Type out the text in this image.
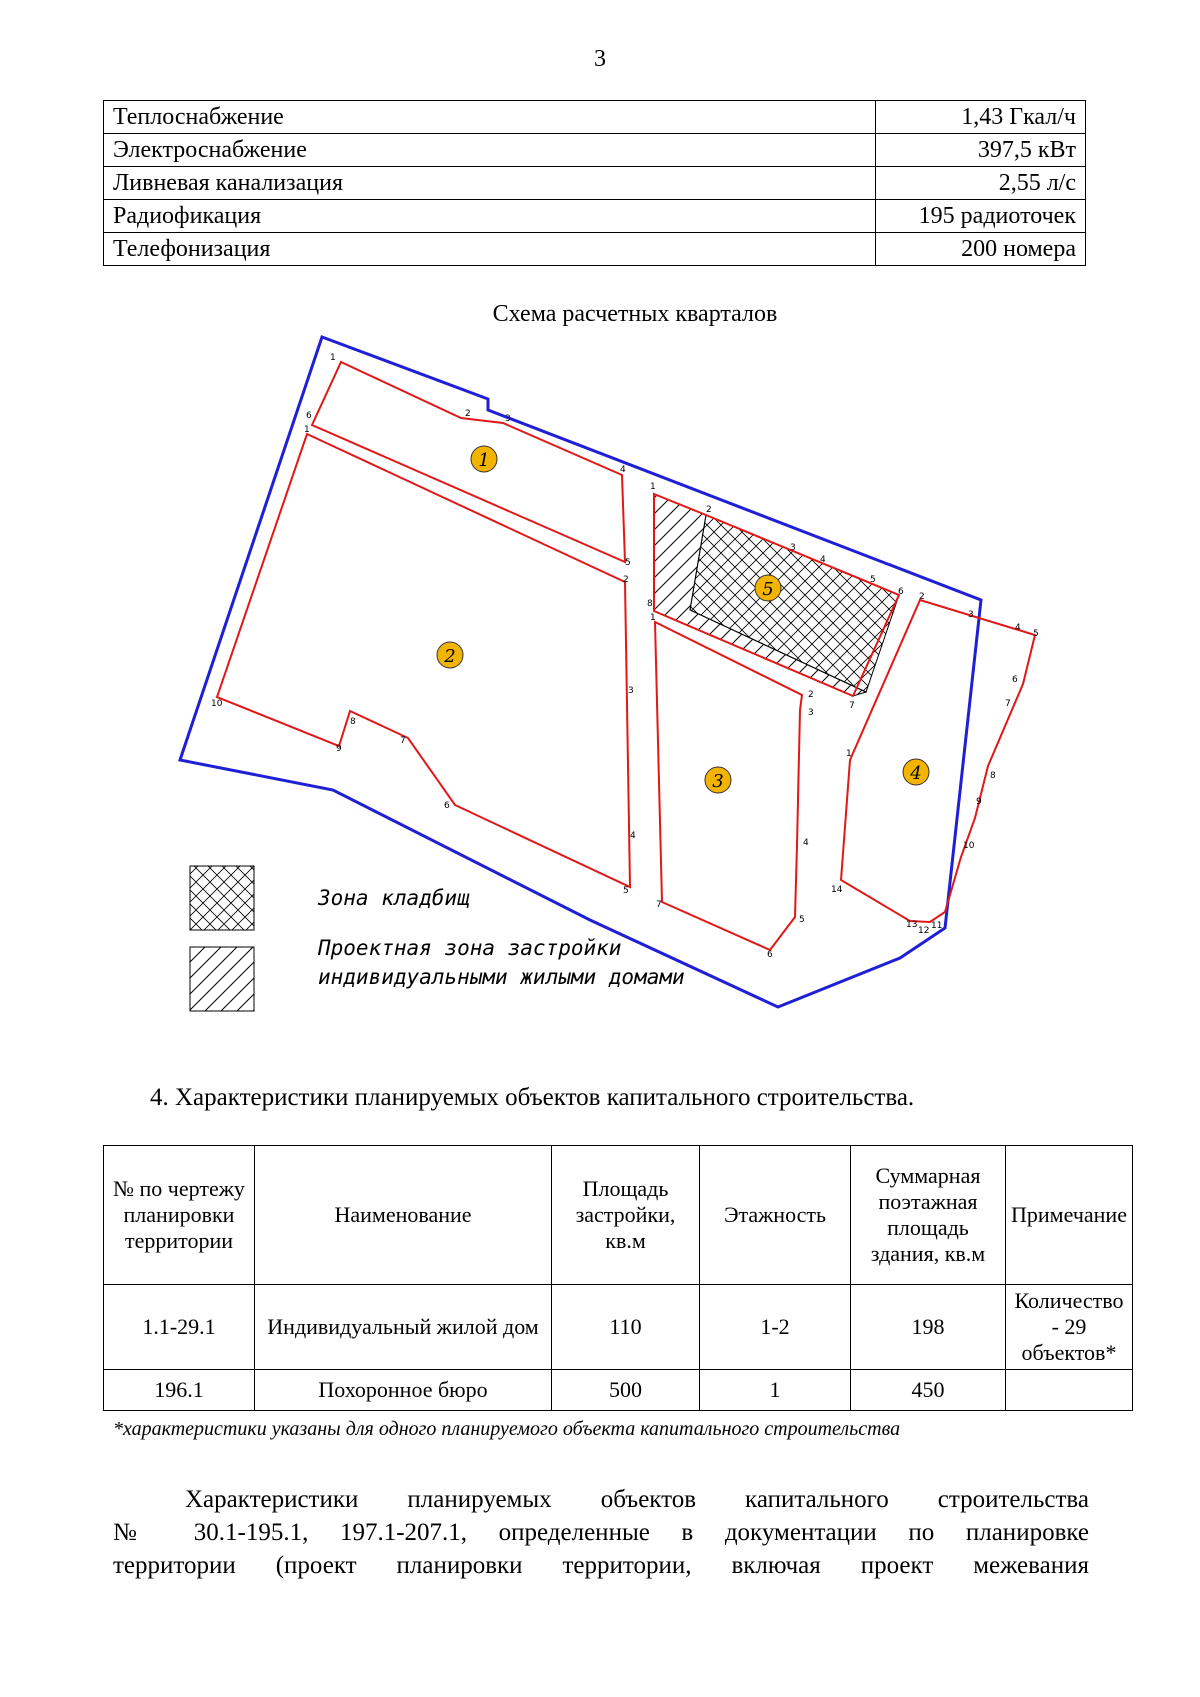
3
Теплоснабжение	1,43 Гкал/ч
Электроснабжение	397,5 кВт
Ливневая канализация	2,55 л/с
Радиофикация	195 радиоточек
Телефонизация	200 номера
Схема расчетных кварталов
1
2	3
4
5
6
1
2
3
4
5
6
7
8
9
10
1
2
3
4
5
6
7
8
1
2
3
4
5
6
7
1
2
3
4
5
6
7
8
9
10
11
12
13
14
1
2
3	4
5
Зона кладбищ
Проектная зона застройки
индивидуальными жилыми домами
4. Характеристики планируемых объектов капитального строительства.
№ по чертежу планировки территории	Наименование	Площадь застройки, кв.м	Этажность	Суммарная поэтажная площадь здания, кв.м	Примечание
1.1-29.1	Индивидуальный жилой дом	110	1-2	198	Количество - 29 объектов*
196.1	Похоронное бюро	500	1	450	
*характеристики указаны для одного планируемого объекта капитального строительства
Характеристики планируемых объектов капитального строительства
№ 30.1-195.1, 197.1-207.1, определенные в документации по планировке
территории (проект планировки территории, включая проект межевания
